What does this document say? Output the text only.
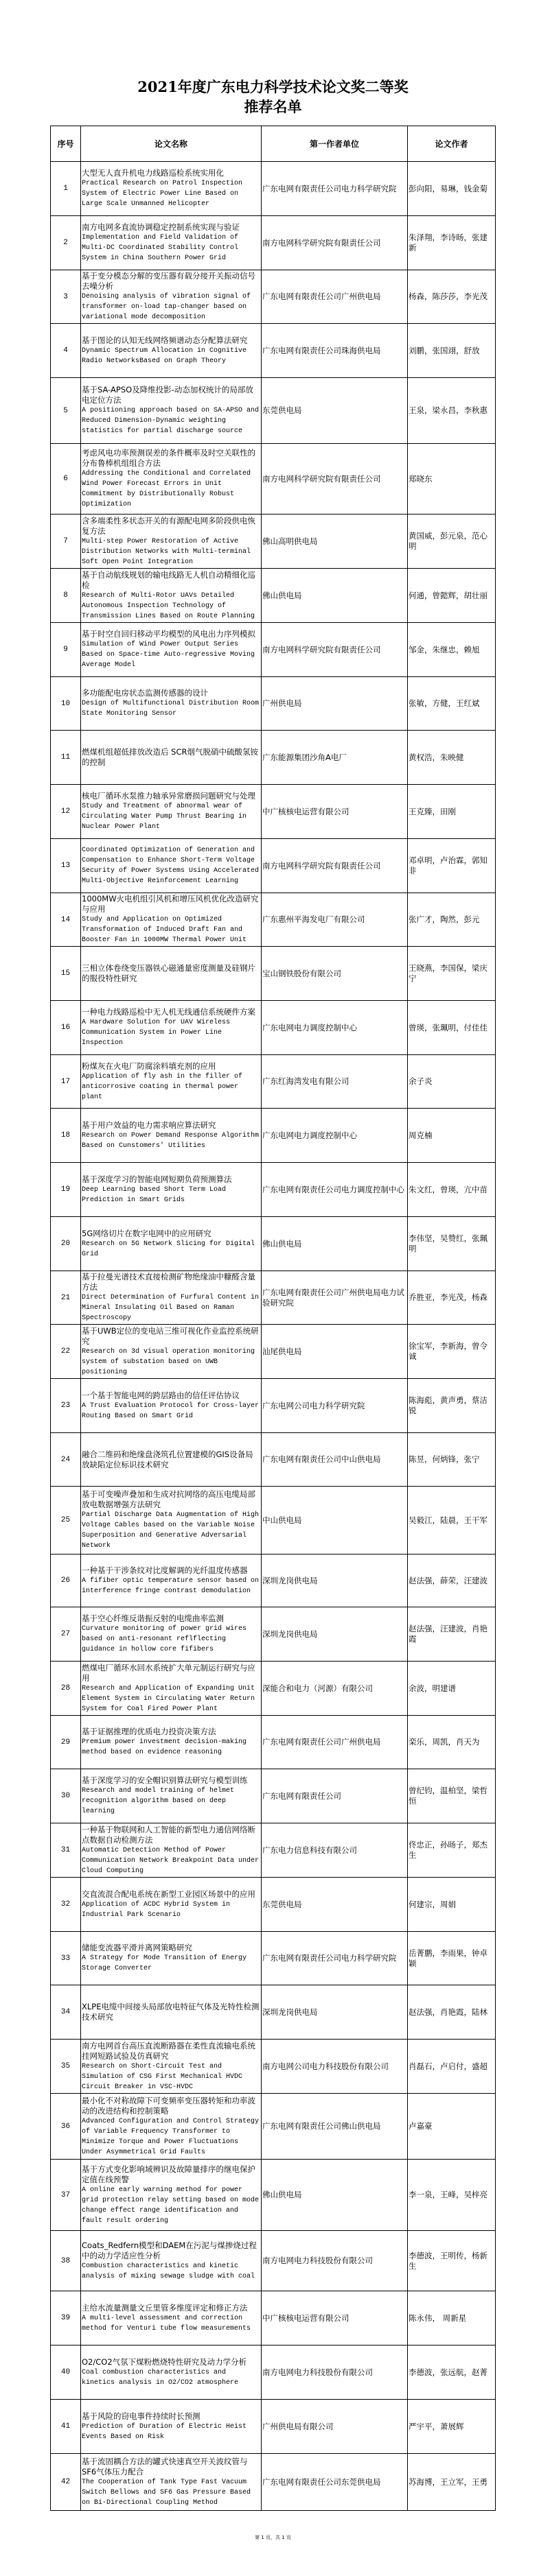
2021年度广东电力科学技术论文奖二等奖
推荐名单
序号	论文名称	第一作者单位	论文作者
1	大型无人直升机电力线路巡检系统实用化
Practical Research on Patrol Inspection System of Electric Power Line Based on Large Scale Unmanned Helicopter	广东电网有限责任公司电力科学研究院	彭向阳，易琳，钱金菊
2	南方电网多直流协调稳定控制系统实现与验证
Implementation and Field Validation of Multi-DC Coordinated Stability Control System in China Southern Power Grid	南方电网科学研究院有限责任公司	朱泽翔，李诗旸，张建新
3	基于变分模态分解的变压器有载分接开关振动信号去噪分析
Denoising analysis of vibration signal of transformer on-load tap-changer based on variational mode decomposition	广东电网有限责任公司广州供电局	杨森，陈莎莎，李光茂
4	基于图论的认知无线网络频谱动态分配算法研究
Dynamic Spectrum Allocation in Cognitive Radio NetworksBased on Graph Theory	广东电网有限责任公司珠海供电局	刘鹏，张国翊，舒放
5	基于SA-APSO及降维投影-动态加权统计的局部放电定位方法
A positioning approach based on SA-APSO and Reduced Dimension-Dynamic weighting statistics for partial discharge source	东莞供电局	王泉，梁永昌，李秋惠
6	考虑风电功率预测误差的条件概率及时空关联性的分布鲁棒机组组合方法
Addressing the Conditional and Correlated Wind Power Forecast Errors in Unit Commitment by Distributionally Robust Optimization	南方电网科学研究院有限责任公司	郑晓东
7	含多端柔性多状态开关的有源配电网多阶段供电恢复方法
Multi-step Power Restoration of Active Distribution Networks with Multi-terminal Soft Open Point Integration	佛山高明供电局	黄国威，彭元泉，范心明
8	基于自动航线规划的输电线路无人机自动精细化巡检
Research of Multi-Rotor UAVs Detailed Autonomous Inspection Technology of Transmission Lines Based on Route Planning	佛山供电局	何通，曾懿辉，胡壮丽
9	基于时空自回归移动平均模型的风电出力序列模拟
Simulation of Wind Power Output Series Based on Space-time Auto-regressive Moving Average Model	南方电网科学研究院有限责任公司	邹金，朱继忠，赖旭
10	多功能配电房状态监测传感器的设计
Design of Multifunctional Distribution Room State Monitoring Sensor	广州供电局	张敏，方健，王红斌
11	燃煤机组超低排放改造后 SCR烟气脱硝中硫酸氢铵的控制	广东能源集团沙角A电厂	黄权浩，朱映健
12	核电厂循环水泵推力轴承异常磨损问题研究与处理
Study and Treatment of abnormal wear of Circulating Water Pump Thrust Bearing in Nuclear Power Plant	中广核核电运营有限公司	王克臻，田刚
13	Coordinated Optimization of Generation and Compensation to Enhance Short-Term Voltage Security of Power Systems Using Accelerated Multi-Objective Reinforcement Learning	南方电网科学研究院有限责任公司	邓卓明，卢治霖，郭知非
14	1000MW火电机组引风机和增压风机优化改造研究与应用
Study and Application on Optimized Transformation of Induced Draft Fan and Booster Fan in 1000MW Thermal Power Unit	广东惠州平海发电厂有限公司	张广才，陶然，彭元
15	三相立体卷绕变压器铁心磁通量密度测量及硅钢片的服役特性研究	宝山钢铁股份有限公司	王晓燕，李国保，梁庆宁
16	一种电力线路巡检中无人机无线通信系统硬件方案
A Hardware Solution for UAV Wireless Communication System in Power Line Inspection	广东电网电力调度控制中心	曾瑛，张珮明，付佳佳
17	粉煤灰在火电厂防腐涂料填充剂的应用
Application of fly ash in the filler of anticorrosive coating in thermal power plant	广东红海湾发电有限公司	余子炎
18	基于用户效益的电力需求响应算法研究
Research on Power Demand Response Algorithm Based on Cunstomers' Utilities	广东电网电力调度控制中心	周克楠
19	基于深度学习的智能电网短期负荷预测算法
Deep Learning based Short Term Load Prediction in Smart Grids	广东电网有限责任公司电力调度控制中心	朱文红，曾瑛，亢中苗
20	5G网络切片在数字电网中的应用研究
Research on 5G Network Slicing for Digital Grid	佛山供电局	李伟坚，吴赞红，张珮明
21	基于拉曼光谱技术直接检测矿物绝缘油中糠醛含量方法
Direct Determination of Furfural Content in Mineral Insulating Oil Based on Raman Spectroscopy	广东电网有限责任公司广州供电局电力试验研究院	乔胜亚，李光茂，杨森
22	基于UWB定位的变电站三维可视化作业监控系统研究
Research on 3d visual operation monitoring system of substation based on UWB positioning	汕尾供电局	徐宝军，李新海，曾令诚
23	一个基于智能电网的跨层路由的信任评估协议
A Trust Evaluation Protocol for Cross-layer Routing Based on Smart Grid	广东电网公司电力科学研究院	陈海彪，黄声勇，蔡洁锐
24	融合二维码和绝缘盘浇筑孔位置建模的GIS设备局放缺陷定位标识技术研究	广东电网有限责任公司中山供电局	陈昱，何炳锋，张宁
25	基于可变噪声叠加和生成对抗网络的高压电缆局部放电数据增强方法研究
Partial Discharge Data Augmentation of High Voltage Cables based on the Variable Noise Superposition and Generative Adversarial Network	中山供电局	吴毅江，陆晨，王干军
26	一种基于干涉条纹对比度解调的光纤温度传感器
A fifiber optic temperature sensor based on interference fringe contrast demodulation	深圳龙岗供电局	赵法强，薛荣，汪建波
27	基于空心纤维反谐振反射的电缆曲率监测
Curvature monitoring of power grid wires based on anti-resonant reflflecting guidance in hollow core fifibers	深圳龙岗供电局	赵法强，汪建波，肖艳霞
28	燃煤电厂循环水回水系统扩大单元制运行研究与应用
Research and Application of Expanding Unit Element System in Circulating Water Return System for Coal Fired Power Plant	深能合和电力（河源）有限公司	余波，明建谱
29	基于证据推理的优质电力投资决策方法
Premium power investment decision-making method based on evidence reasoning	广东电网有限责任公司广州供电局	栾乐，周凯，肖天为
30	基于深度学习的安全帽识别算法研究与模型训练
Research and model training of helmet recognition algorithm based on deep learning	广东电网有限责任公司	曾纪钧，温柏坚，梁哲恒
31	一种基于物联网和人工智能的新型电力通信网络断点数据自动检测方法
Automatic Detection Method of Power Communication Network Breakpoint Data under Cloud Computing	广东电力信息科技有限公司	佟忠正，孙旸子，郑杰生
32	交直流混合配电系统在新型工业园区场景中的应用
Application of ACDC Hybrid System in Industrial Park Scenario	东莞供电局	何建宗，周娟
33	储能变流器平滑并离网策略研究
A Strategy for Mode Transition of Energy Storage Converter	广东电网有限责任公司电力科学研究院	岳菁鹏，李雨果，钟卓颖
34	XLPE电缆中间接头局部放电特征气体及光特性检测技术研究	深圳龙岗供电局	赵法强，肖艳霞，陆林
35	南方电网首台高压直流断路器在柔性直流输电系统挂网短路试验及仿真研究
Research on Short-Circuit Test and Simulation of CSG First Mechanical HVDC Circuit Breaker in VSC-HVDC	南方电网公司电力科技股份有限公司	肖磊石，卢启付，盛超
36	最小化不对称故障下可变频率变压器转矩和功率波动的改进结构和控制策略
Advanced Configuration and Control Strategy of Variable Frequency Transformer to Minimize Torque and Power Fluctuations Under Asymmetrical Grid Faults	广东电网有限责任公司佛山供电局	卢嘉豪
37	基于方式变化影响域辨识及故障量排序的继电保护定值在线预警
A online early warning method for power grid protection relay setting based on mode change effect range identification and fault result ordering	佛山供电局	李一泉，王峰，吴梓亮
38	Coats_Redfern模型和DAEM在污泥与煤掺烧过程中的动力学适应性分析
Combustion characteristics and kinetic analysis of mixing sewage sludge with coal	南方电网电力科技股份有限公司	李德波，王明传，杨新生
39	主给水流量测量文丘里管多维度评定和修正方法
A multi-level assessment and correction method for Venturi tube flow measurements	中广核核电运营有限公司	陈永伟， 周新星
40	O2/CO2气氛下煤粉燃烧特性研究及动力学分析
Coal combustion characteristics and kinetics analysis in O2/CO2 atmosphere	南方电网电力科技股份有限公司	李德波，张远航，赵菁
41	基于风险的窃电事件持续时长预测
Prediction of Duration of Electric Heist Events Based on Risk	广州供电局有限公司	严宇平，萧展辉
42	基于流固耦合方法的罐式快速真空开关波纹管与SF6气体压力配合
The Cooperation of Tank Type Fast Vacuum Switch Bellows and SF6 Gas Pressure Based on Bi-Directional Coupling Method	广东电网有限责任公司东莞供电局	苏海博，王立军，王勇
第 1 页，共 1 页
